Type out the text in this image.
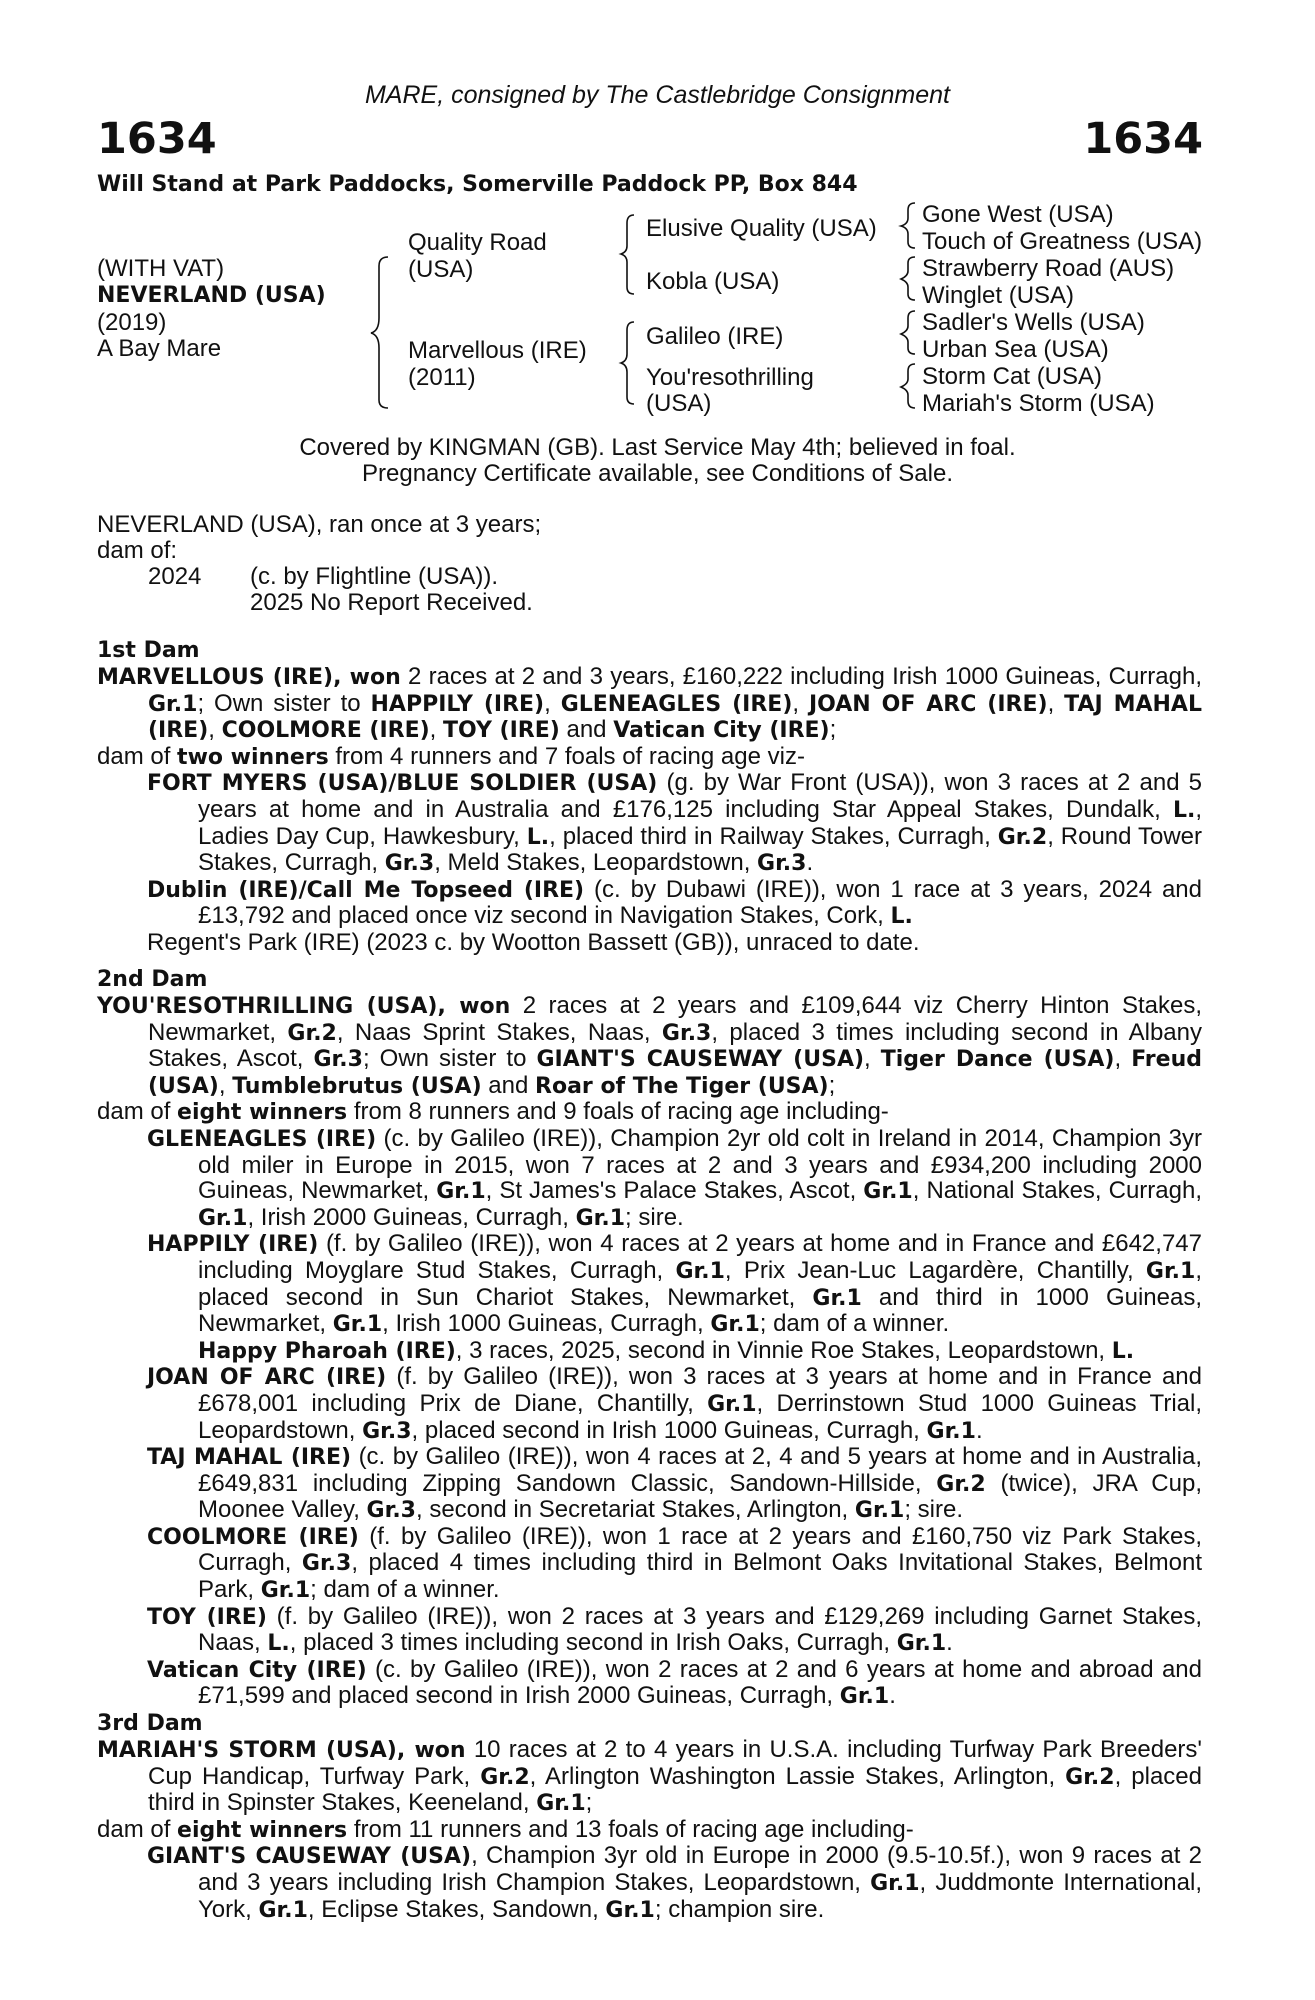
MARE, consigned by The Castlebridge Consignment
1634	1634
Will Stand at Park Paddocks, Somerville Paddock PP, Box 844
(WITH VAT)
NEVERLAND (USA)
(2019)
A Bay Mare
Quality Road
(USA)
Marvellous (IRE)
(2011)
Elusive Quality (USA)
Kobla (USA)
Galileo (IRE)
You'resothrilling
(USA)
Gone West (USA)
Touch of Greatness (USA)
Strawberry Road (AUS)
Winglet (USA)
Sadler's Wells (USA)
Urban Sea (USA)
Storm Cat (USA)
Mariah's Storm (USA)
Covered by KINGMAN (GB). Last Service May 4th; believed in foal.
Pregnancy Certificate available, see Conditions of Sale.
NEVERLAND (USA), ran once at 3 years;
dam of:
2024 (c. by Flightline (USA)).
2025 No Report Received.
1st Dam
MARVELLOUS (IRE), won 2 races at 2 and 3 years, £160,222 including Irish 1000 Guineas, Curragh, Gr.1; Own sister to HAPPILY (IRE), GLENEAGLES (IRE), JOAN OF ARC (IRE), TAJ MAHAL (IRE), COOLMORE (IRE), TOY (IRE) and Vatican City (IRE);
dam of two winners from 4 runners and 7 foals of racing age viz-
FORT MYERS (USA)/BLUE SOLDIER (USA) (g. by War Front (USA)), won 3 races at 2 and 5 years at home and in Australia and £176,125 including Star Appeal Stakes, Dundalk, L., Ladies Day Cup, Hawkesbury, L., placed third in Railway Stakes, Curragh, Gr.2, Round Tower Stakes, Curragh, Gr.3, Meld Stakes, Leopardstown, Gr.3.
Dublin (IRE)/Call Me Topseed (IRE) (c. by Dubawi (IRE)), won 1 race at 3 years, 2024 and £13,792 and placed once viz second in Navigation Stakes, Cork, L.
Regent's Park (IRE) (2023 c. by Wootton Bassett (GB)), unraced to date.
2nd Dam
YOU'RESOTHRILLING (USA), won 2 races at 2 years and £109,644 viz Cherry Hinton Stakes, Newmarket, Gr.2, Naas Sprint Stakes, Naas, Gr.3, placed 3 times including second in Albany Stakes, Ascot, Gr.3; Own sister to GIANT'S CAUSEWAY (USA), Tiger Dance (USA), Freud (USA), Tumblebrutus (USA) and Roar of The Tiger (USA);
dam of eight winners from 8 runners and 9 foals of racing age including-
GLENEAGLES (IRE) (c. by Galileo (IRE)), Champion 2yr old colt in Ireland in 2014, Champion 3yr old miler in Europe in 2015, won 7 races at 2 and 3 years and £934,200 including 2000 Guineas, Newmarket, Gr.1, St James's Palace Stakes, Ascot, Gr.1, National Stakes, Curragh, Gr.1, Irish 2000 Guineas, Curragh, Gr.1; sire.
HAPPILY (IRE) (f. by Galileo (IRE)), won 4 races at 2 years at home and in France and £642,747 including Moyglare Stud Stakes, Curragh, Gr.1, Prix Jean-Luc Lagardère, Chantilly, Gr.1, placed second in Sun Chariot Stakes, Newmarket, Gr.1 and third in 1000 Guineas, Newmarket, Gr.1, Irish 1000 Guineas, Curragh, Gr.1; dam of a winner.
Happy Pharoah (IRE), 3 races, 2025, second in Vinnie Roe Stakes, Leopardstown, L.
JOAN OF ARC (IRE) (f. by Galileo (IRE)), won 3 races at 3 years at home and in France and £678,001 including Prix de Diane, Chantilly, Gr.1, Derrinstown Stud 1000 Guineas Trial, Leopardstown, Gr.3, placed second in Irish 1000 Guineas, Curragh, Gr.1.
TAJ MAHAL (IRE) (c. by Galileo (IRE)), won 4 races at 2, 4 and 5 years at home and in Australia, £649,831 including Zipping Sandown Classic, Sandown-Hillside, Gr.2 (twice), JRA Cup, Moonee Valley, Gr.3, second in Secretariat Stakes, Arlington, Gr.1; sire.
COOLMORE (IRE) (f. by Galileo (IRE)), won 1 race at 2 years and £160,750 viz Park Stakes, Curragh, Gr.3, placed 4 times including third in Belmont Oaks Invitational Stakes, Belmont Park, Gr.1; dam of a winner.
TOY (IRE) (f. by Galileo (IRE)), won 2 races at 3 years and £129,269 including Garnet Stakes, Naas, L., placed 3 times including second in Irish Oaks, Curragh, Gr.1.
Vatican City (IRE) (c. by Galileo (IRE)), won 2 races at 2 and 6 years at home and abroad and £71,599 and placed second in Irish 2000 Guineas, Curragh, Gr.1.
3rd Dam
MARIAH'S STORM (USA), won 10 races at 2 to 4 years in U.S.A. including Turfway Park Breeders' Cup Handicap, Turfway Park, Gr.2, Arlington Washington Lassie Stakes, Arlington, Gr.2, placed third in Spinster Stakes, Keeneland, Gr.1;
dam of eight winners from 11 runners and 13 foals of racing age including-
GIANT'S CAUSEWAY (USA), Champion 3yr old in Europe in 2000 (9.5-10.5f.), won 9 races at 2 and 3 years including Irish Champion Stakes, Leopardstown, Gr.1, Juddmonte International, York, Gr.1, Eclipse Stakes, Sandown, Gr.1; champion sire.
